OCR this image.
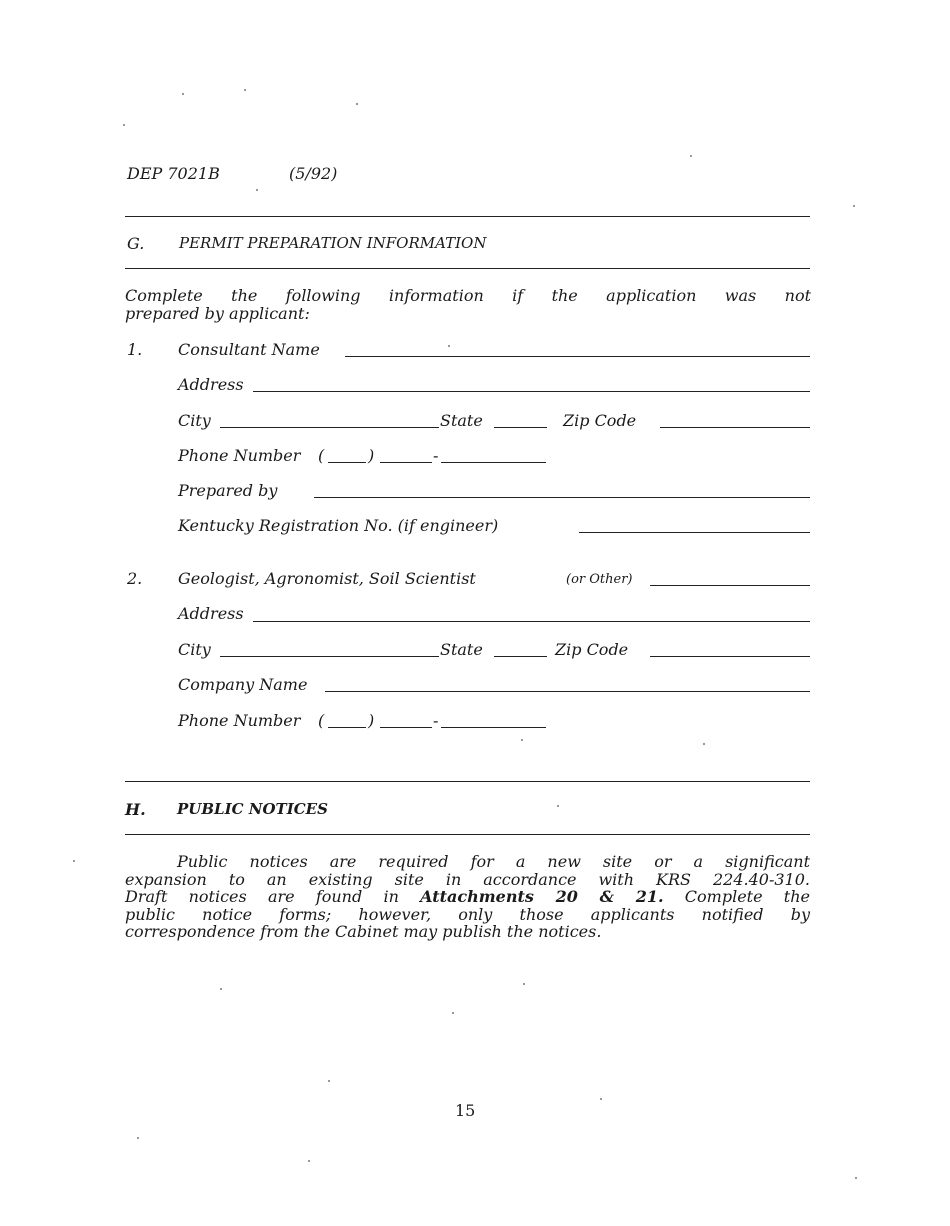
DEP 7021B	(5/92)
G. PERMIT PREPARATION INFORMATION
Complete the following information if the application was not
prepared by applicant:
1. Consultant Name
Address
City	State	Zip Code
Phone Number (	)	-
Prepared by
Kentucky Registration No. (if engineer)
2. Geologist, Agronomist, Soil Scientist	(or Other)
Address
City	State	Zip Code
Company Name
Phone Number (	)	-
H. PUBLIC NOTICES
Public notices are required for a new site or a significant
expansion to an existing site in accordance with KRS 224.40-310.
Draft notices are found in Attachments 20 & 21. Complete the
public notice forms; however, only those applicants notified by
correspondence from the Cabinet may publish the notices.
15
